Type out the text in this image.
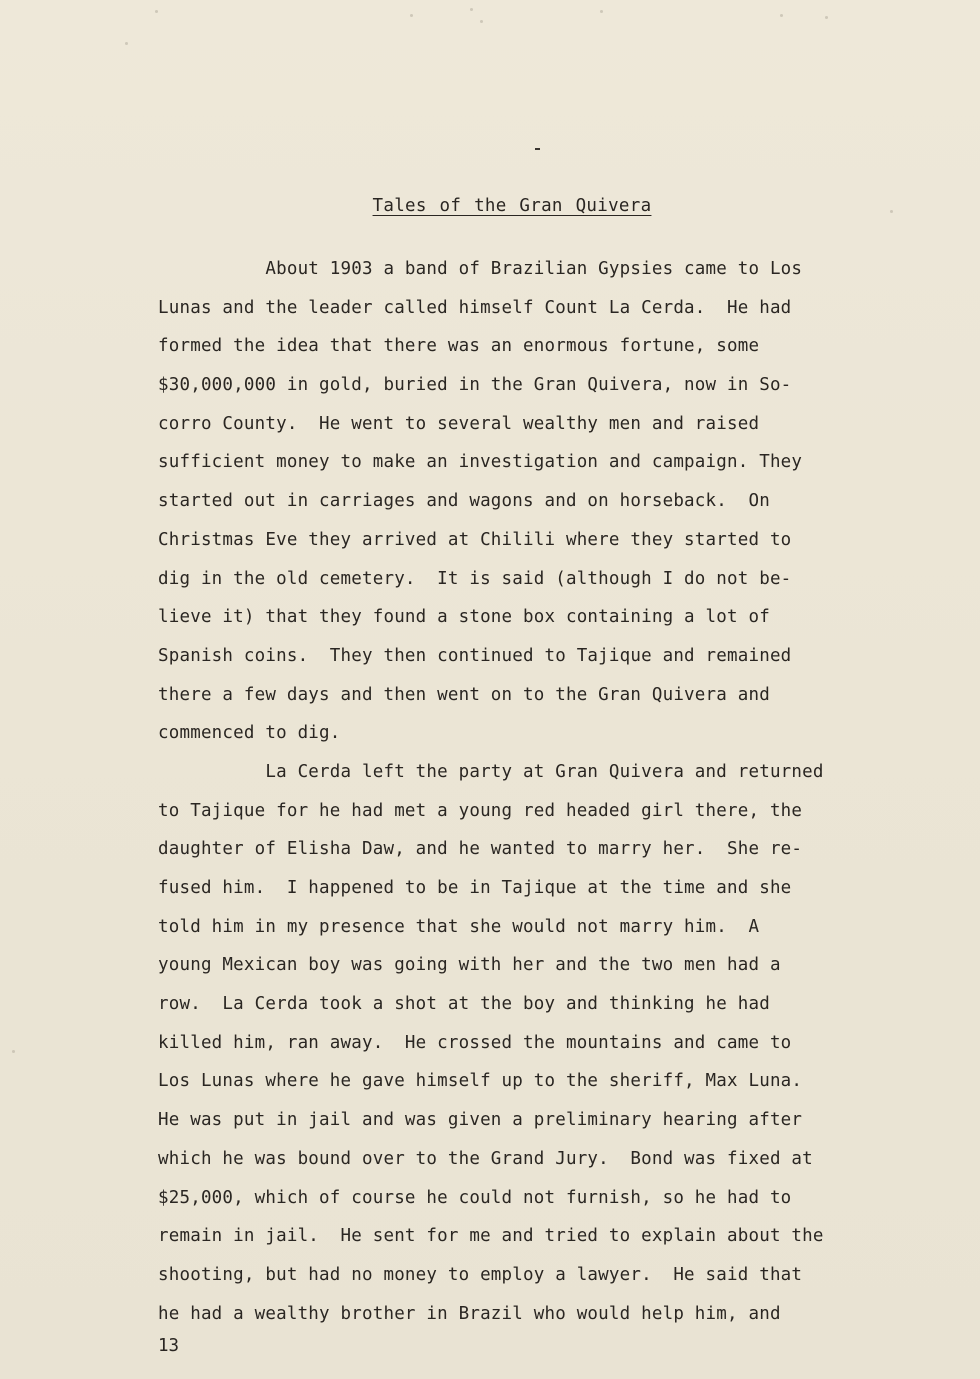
Tales of the Gran Quivera
About 1903 a band of Brazilian Gypsies came to Los
Lunas and the leader called himself Count La Cerda.  He had
formed the idea that there was an enormous fortune, some
$30,000,000 in gold, buried in the Gran Quivera, now in So-
corro County.  He went to several wealthy men and raised
sufficient money to make an investigation and campaign. They
started out in carriages and wagons and on horseback.  On
Christmas Eve they arrived at Chilili where they started to
dig in the old cemetery.  It is said (although I do not be-
lieve it) that they found a stone box containing a lot of
Spanish coins.  They then continued to Tajique and remained
there a few days and then went on to the Gran Quivera and
commenced to dig.
La Cerda left the party at Gran Quivera and returned
to Tajique for he had met a young red headed girl there, the
daughter of Elisha Daw, and he wanted to marry her.  She re-
fused him.  I happened to be in Tajique at the time and she
told him in my presence that she would not marry him.  A
young Mexican boy was going with her and the two men had a
row.  La Cerda took a shot at the boy and thinking he had
killed him, ran away.  He crossed the mountains and came to
Los Lunas where he gave himself up to the sheriff, Max Luna.
He was put in jail and was given a preliminary hearing after
which he was bound over to the Grand Jury.  Bond was fixed at
$25,000, which of course he could not furnish, so he had to
remain in jail.  He sent for me and tried to explain about the
shooting, but had no money to employ a lawyer.  He said that
he had a wealthy brother in Brazil who would help him, and
13
